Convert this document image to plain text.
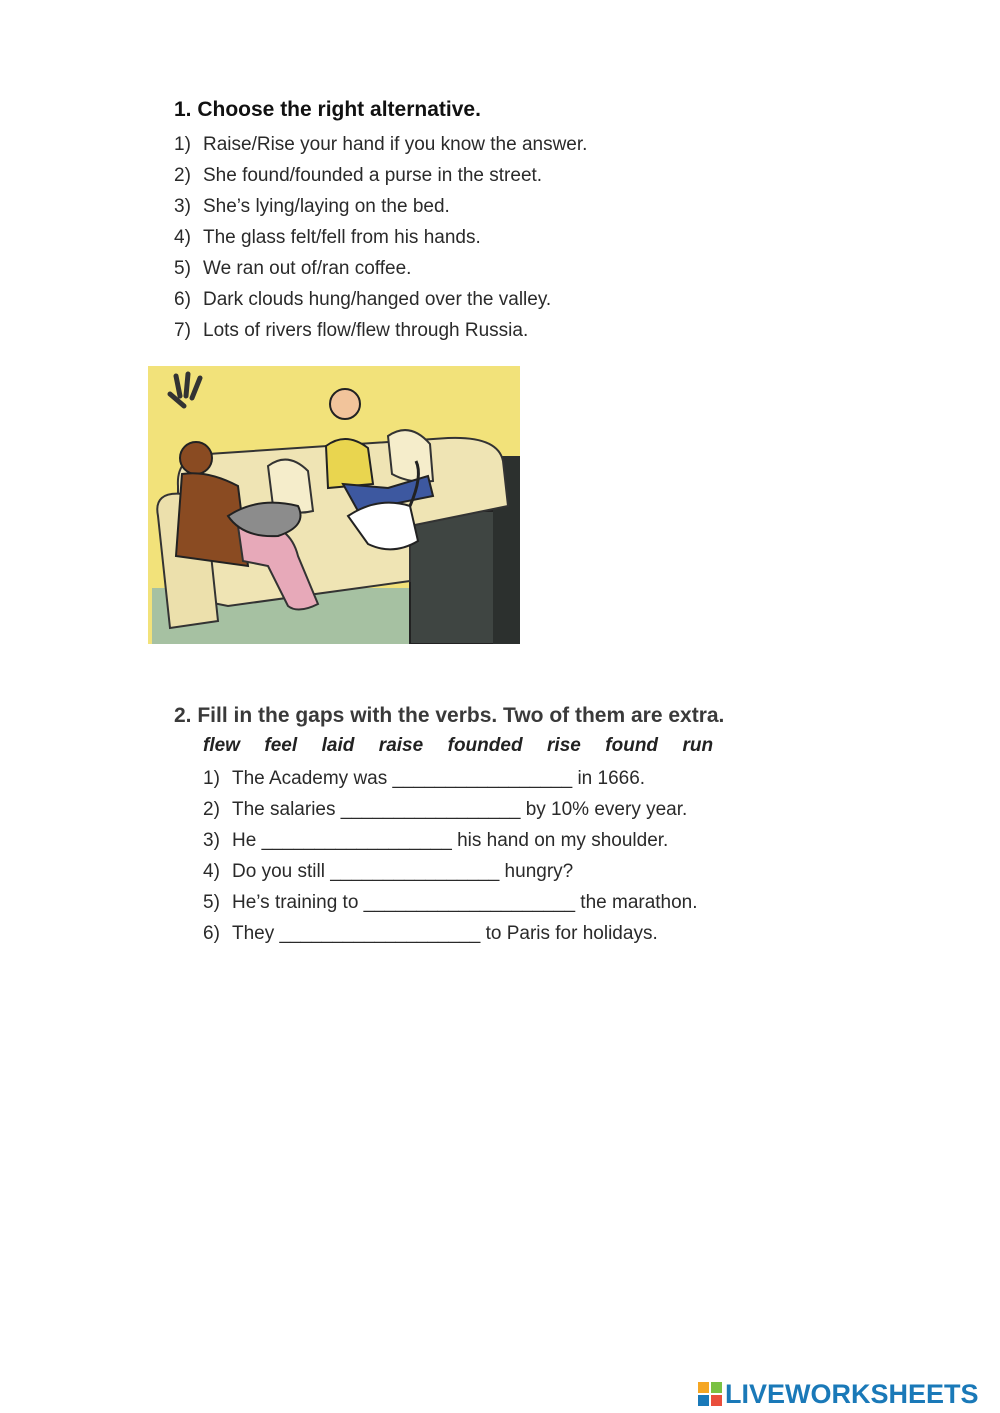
1. Choose the right alternative.
1) Raise/Rise your hand if you know the answer.
2) She found/founded a purse in the street.
3) She’s lying/laying on the bed.
4) The glass felt/fell from his hands.
5) We ran out of/ran coffee.
6) Dark clouds hung/hanged over the valley.
7) Lots of rivers flow/flew through Russia.
2. Fill in the gaps with the verbs. Two of them are extra.
flew feel laid raise founded rise found run
1) The Academy was _________________ in 1666.
2) The salaries _________________ by 10% every year.
3) He __________________ his hand on my shoulder.
4) Do you still ________________ hungry?
5) He’s training to ____________________ the marathon.
6) They ___________________ to Paris for holidays.
LIVEWORKSHEETS
